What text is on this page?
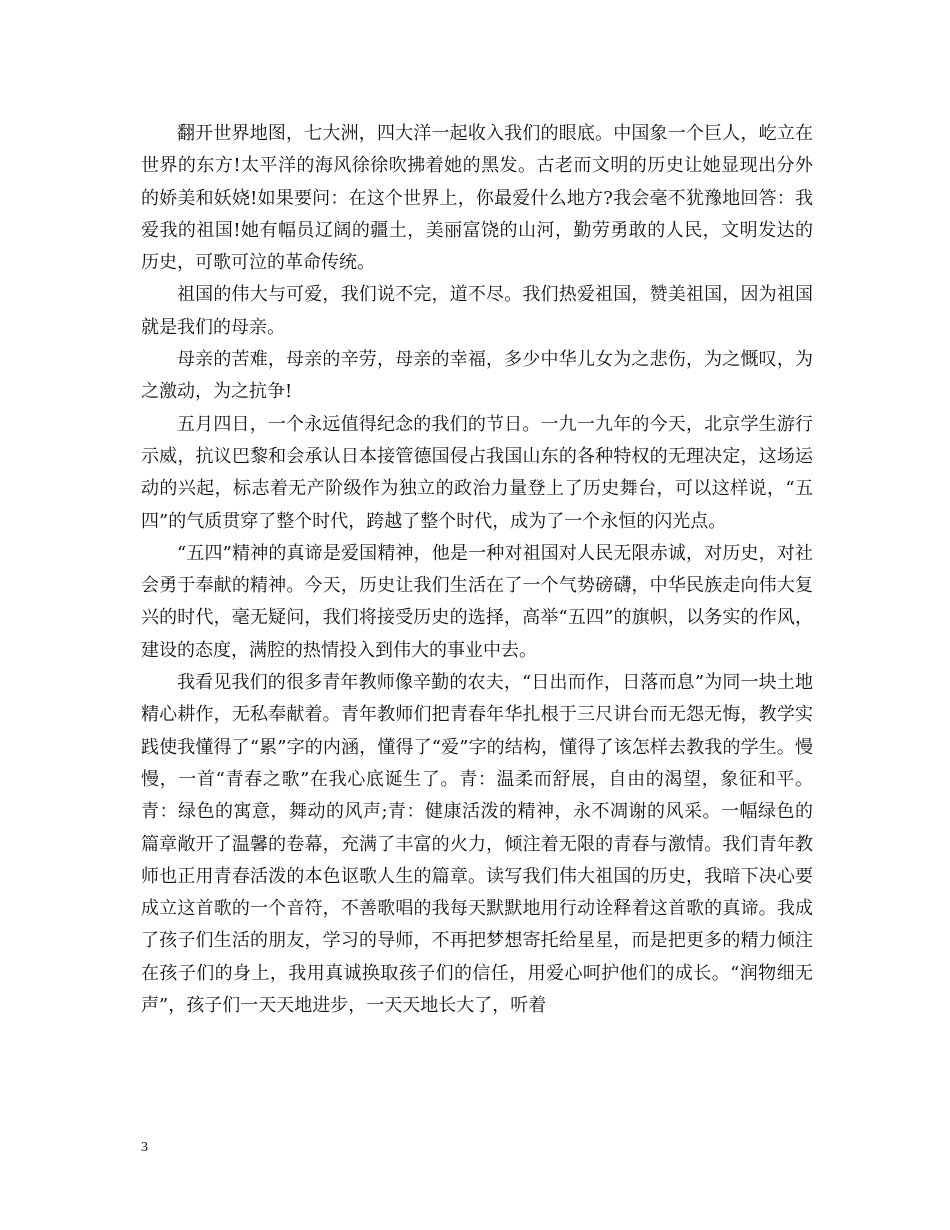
翻开世界地图，七大洲，四大洋一起收入我们的眼底。中国象一个巨人，屹立在世界的东方!太平洋的海风徐徐吹拂着她的黑发。古老而文明的历史让她显现出分外的娇美和妖娆!如果要问：在这个世界上，你最爱什么地方?我会毫不犹豫地回答：我爱我的祖国!她有幅员辽阔的疆土，美丽富饶的山河，勤劳勇敢的人民，文明发达的历史，可歌可泣的革命传统。

祖国的伟大与可爱，我们说不完，道不尽。我们热爱祖国，赞美祖国，因为祖国就是我们的母亲。

母亲的苦难，母亲的辛劳，母亲的幸福，多少中华儿女为之悲伤，为之慨叹，为之激动，为之抗争!

五月四日，一个永远值得纪念的我们的节日。一九一九年的今天，北京学生游行示威，抗议巴黎和会承认日本接管德国侵占我国山东的各种特权的无理决定，这场运动的兴起，标志着无产阶级作为独立的政治力量登上了历史舞台，可以这样说，“五四”的气质贯穿了整个时代，跨越了整个时代，成为了一个永恒的闪光点。

“五四”精神的真谛是爱国精神，他是一种对祖国对人民无限赤诚，对历史，对社会勇于奉献的精神。今天，历史让我们生活在了一个气势磅礴，中华民族走向伟大复兴的时代，毫无疑问，我们将接受历史的选择，高举“五四”的旗帜，以务实的作风，建设的态度，满腔的热情投入到伟大的事业中去。

我看见我们的很多青年教师像辛勤的农夫，“日出而作，日落而息”为同一块土地精心耕作，无私奉献着。青年教师们把青春年华扎根于三尺讲台而无怨无悔，教学实践使我懂得了“累”字的内涵，懂得了“爱”字的结构，懂得了该怎样去教我的学生。慢慢，一首“青春之歌”在我心底诞生了。青：温柔而舒展，自由的渴望，象征和平。青：绿色的寓意，舞动的风声;青：健康活泼的精神，永不凋谢的风采。一幅绿色的篇章敞开了温馨的卷幕，充满了丰富的火力，倾注着无限的青春与激情。我们青年教师也正用青春活泼的本色讴歌人生的篇章。读写我们伟大祖国的历史，我暗下决心要成立这首歌的一个音符，不善歌唱的我每天默默地用行动诠释着这首歌的真谛。我成了孩子们生活的朋友，学习的导师，不再把梦想寄托给星星，而是把更多的精力倾注在孩子们的身上，我用真诚换取孩子们的信任，用爱心呵护他们的成长。“润物细无声”，孩子们一天天地进步，一天天地长大了，听着

3
